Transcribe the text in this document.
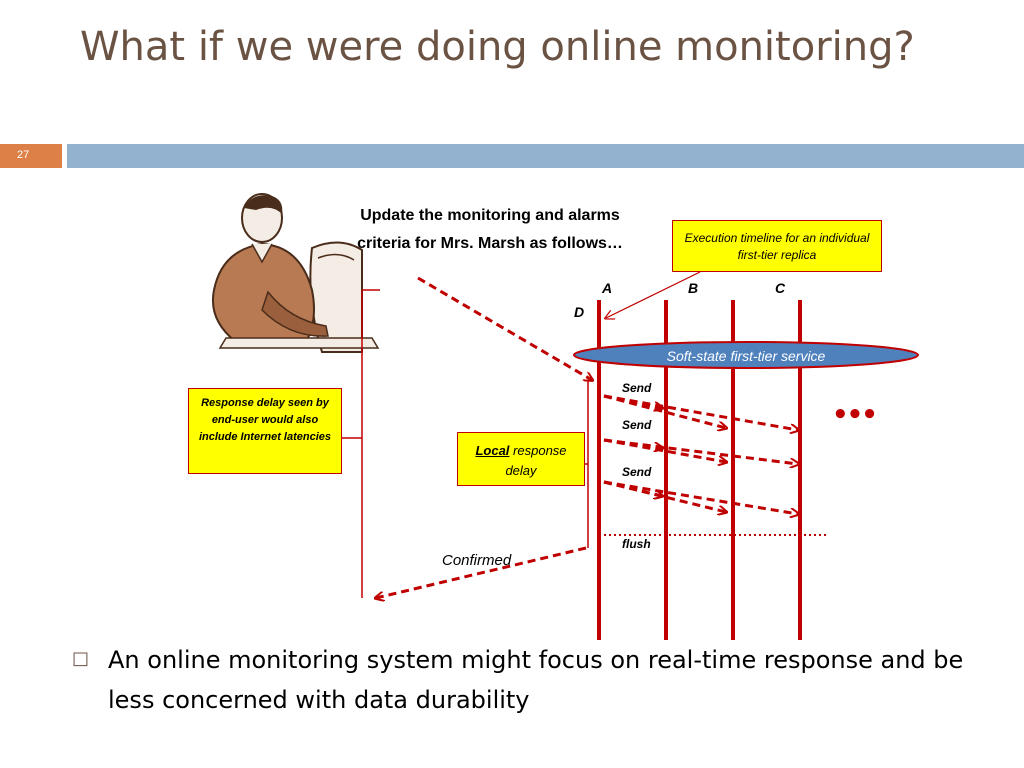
What if we were doing online monitoring?
27
Update the monitoring and alarms criteria for Mrs. Marsh as follows…	Execution timeline for an individual first-tier replica
Soft-state first-tier service
A	B	C
D
Send
Send
Send
flush
Confirmed
•••
Response delay seen by end-user would also include Internet latencies
Local response delay
□ An online monitoring system might focus on real-time response and be less concerned with data durability
